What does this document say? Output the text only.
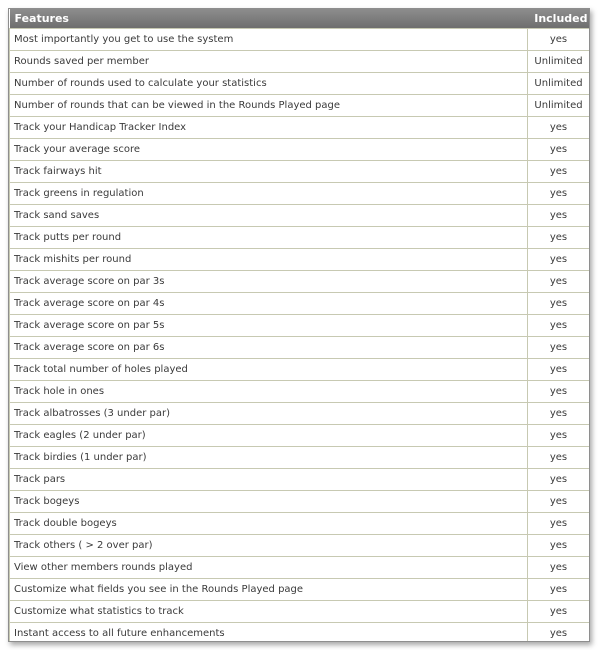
Features	Included
Most importantly you get to use the system	yes
Rounds saved per member	Unlimited
Number of rounds used to calculate your statistics	Unlimited
Number of rounds that can be viewed in the Rounds Played page	Unlimited
Track your Handicap Tracker Index	yes
Track your average score	yes
Track fairways hit	yes
Track greens in regulation	yes
Track sand saves	yes
Track putts per round	yes
Track mishits per round	yes
Track average score on par 3s	yes
Track average score on par 4s	yes
Track average score on par 5s	yes
Track average score on par 6s	yes
Track total number of holes played	yes
Track hole in ones	yes
Track albatrosses (3 under par)	yes
Track eagles (2 under par)	yes
Track birdies (1 under par)	yes
Track pars	yes
Track bogeys	yes
Track double bogeys	yes
Track others ( > 2 over par)	yes
View other members rounds played	yes
Customize what fields you see in the Rounds Played page	yes
Customize what statistics to track	yes
Instant access to all future enhancements	yes
